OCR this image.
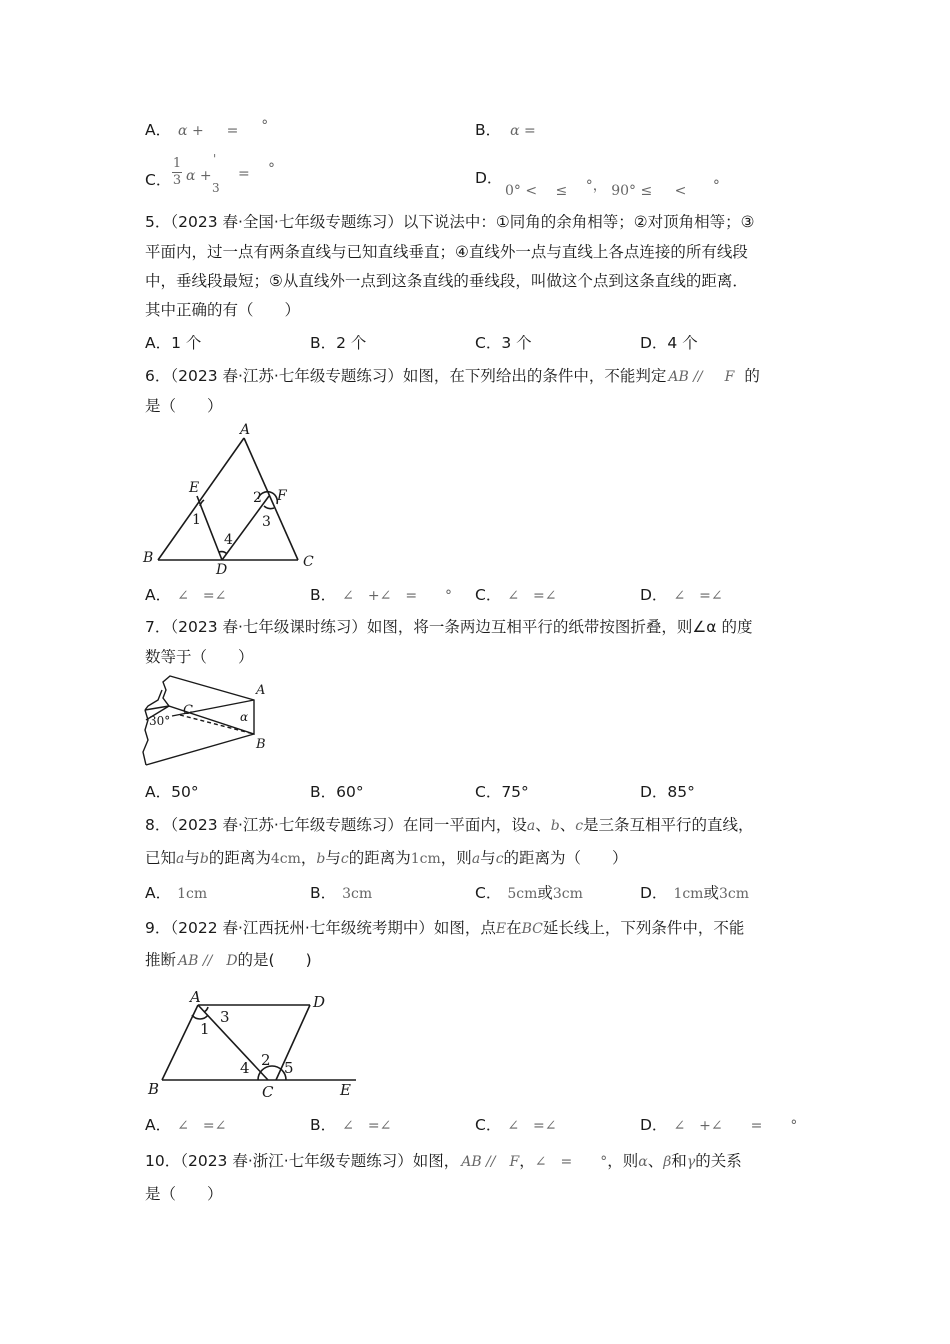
A． α + = °	B． α =
C．
1
3 α +
'
3
= °	D．
0° < ≤ °， 90° ≤ < °
5．（2023 春·全国·七年级专题练习）以下说法中：①同角的余角相等；②对顶角相等；③
平面内，过一点有两条直线与已知直线垂直；④直线外一点与直线上各点连接的所有线段
中，垂线段最短；⑤从直线外一点到这条直线的垂线段，叫做这个点到这条直线的距离．
其中正确的有（　　）
A．1 个	B．2 个	C．3 个	D．4 个
6．（2023 春·江苏·七年级专题练习）如图，在下列给出的条件中，不能判定 AB // F 的
是（　　）
A
B	C
D
E	F
1
2
3
4
A． ∠　=∠	B． ∠　+∠　=　　° C． ∠　=∠	D． ∠　=∠
7．（2023 春·七年级课时练习）如图，将一条两边互相平行的纸带按图折叠，则∠α 的度
数等于（　　）
A
B
C	α
30°
A．50°	B．60°	C．75°	D．85°
8．（2023 春·江苏·七年级专题练习）在同一平面内，设a、b、c是三条互相平行的直线，
已知a与b的距离为4cm，b与c的距离为1cm，则a与c的距离为（　　）
A． 1cm	B． 3cm	C． 5cm或3cm	D． 1cm或3cm
9．（2022 春·江西抚州·七年级统考期中）如图，点E在BC延长线上，下列条件中，不能
推断 AB // D的是(　　)
A
B	C
D
E
1
2
3
4 5
A． ∠　=∠	B． ∠　=∠	C． ∠　=∠	D． ∠　+∠　　=　　°
10．（2023 春·浙江·七年级专题练习）如图， AB // F，∠　=　　°，则α、β和γ的关系
是（　　）
